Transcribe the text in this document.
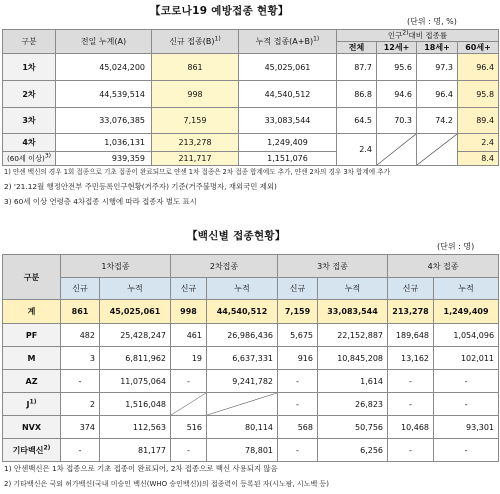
【코로나19 예방접종 현황】
(단위 : 명, %)
구분	전일 누계(A)	신규 접종$(B)^{1)}$	누적 접종$(A+B)^{1)}$	인구$^{2)}$대비 접종률			
				전체	12세+	18세+	60세+
1차	45,024,200	861	45,025,061	87.7	95.6	97.3	96.4
2차	44,539,514	998	44,540,512	86.8	94.6	96.4	95.8
3차	33,076,385	7,159	33,083,544	64.5	70.3	74.2	89.4
4차	1,036,131	213,278	1,249,409	2.4			2.4
(60세 이상)$^{3)}$	939,359	211,717	1,151,076				8.4
1) 얀센 백신의 경우 1회 접종으로 기초 접종이 완료되므로 얀센 1차 접종은 2차 접종 합계에도 추가, 얀센 2차의 경우 3차 합계에 추가
2) '21.12월 행정안전부 주민등록인구현황(거주자) 기준(거주불명자, 재외국민 제외)
3) 60세 이상 연령층 4차접종 시행에 따라 접종자 별도 표시
【백신별 접종현황】
(단위 : 명)
구분	1차접종		2차접종		3차 접종		4차 접종	
	신규	누적	신규	누적	신규	누적	신규	누적
계	861	45,025,061	998	44,540,512	7,159	33,083,544	213,278	1,249,409
PF	482	25,428,247	461	26,986,436	5,675	22,152,887	189,648	1,054,096
M	3	6,811,962	19	6,637,331	916	10,845,208	13,162	102,011
AZ	-	11,075,064	-	9,241,782	-	1,614	-	-
$J^{1)}$	2	1,516,048			-	26,823	-	-
NVX	374	112,563	516	80,114	568	50,756	10,468	93,301
기타백신$^{2)}$	-	81,177	-	78,801	-	6,256	-	-
1) 안센백신은 1차 접종으로 기초 접종이 완료되어, 2차 접종으로 백신 사용되지 않음
2) 기타백신은 국외 허가백신(국내 미승인 백신(WHO 승인백신))의 접종력이 등록된 자(시노팜, 시노백 등)
